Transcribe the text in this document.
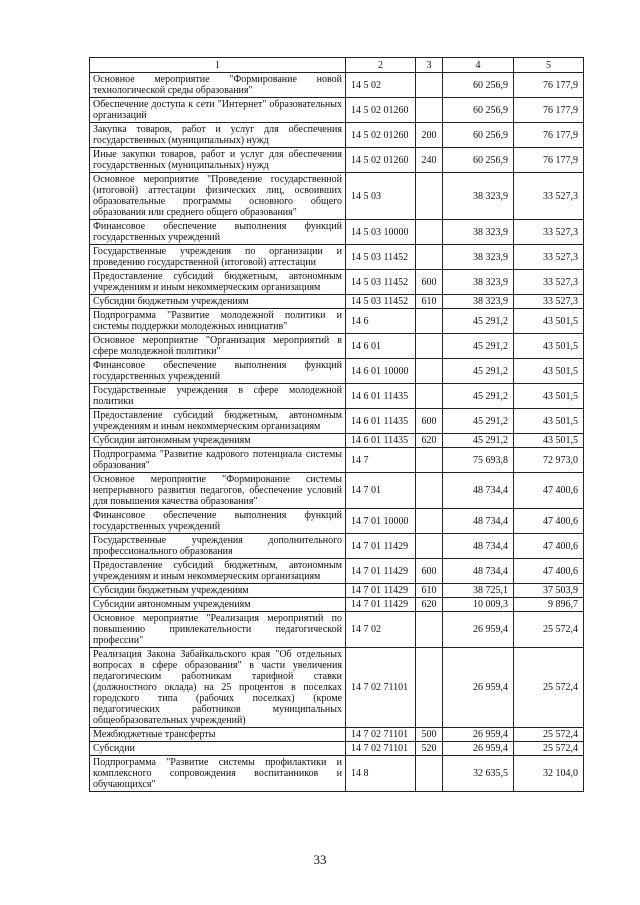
1	2	3	4	5
Основное мероприятие "Формирование новой технологической среды образования"	14 5 02		60 256,9	76 177,9
Обеспечение доступа к сети "Интернет" образовательных организаций	14 5 02 01260		60 256,9	76 177,9
Закупка товаров, работ и услуг для обеспечения государственных (муниципальных) нужд	14 5 02 01260	200	60 256,9	76 177,9
Иные закупки товаров, работ и услуг для обеспечения государственных (муниципальных) нужд	14 5 02 01260	240	60 256,9	76 177,9
Основное мероприятие "Проведение государственной (итоговой) аттестации физических лиц, освоивших образовательные программы основного общего образования или среднего общего образования"	14 5 03		38 323,9	33 527,3
Финансовое обеспечение выполнения функций государственных учреждений	14 5 03 10000		38 323,9	33 527,3
Государственные учреждения по организации и проведению государственной (итоговой) аттестации	14 5 03 11452		38 323,9	33 527,3
Предоставление субсидий бюджетным, автономным учреждениям и иным некоммерческим организациям	14 5 03 11452	600	38 323,9	33 527,3
Субсидии бюджетным учреждениям	14 5 03 11452	610	38 323,9	33 527,3
Подпрограмма "Развитие молодежной политики и системы поддержки молодежных инициатив"	14 6		45 291,2	43 501,5
Основное мероприятие "Организация мероприятий в сфере молодежной политики"	14 6 01		45 291,2	43 501,5
Финансовое обеспечение выполнения функций государственных учреждений	14 6 01 10000		45 291,2	43 501,5
Государственные учреждения в сфере молодежной политики	14 6 01 11435		45 291,2	43 501,5
Предоставление субсидий бюджетным, автономным учреждениям и иным некоммерческим организациям	14 6 01 11435	600	45 291,2	43 501,5
Субсидии автономным учреждениям	14 6 01 11435	620	45 291,2	43 501,5
Подпрограмма "Развитие кадрового потенциала системы образования"	14 7		75 693,8	72 973,0
Основное мероприятие "Формирование системы непрерывного развития педагогов, обеспечение условий для повышения качества образования"	14 7 01		48 734,4	47 400,6
Финансовое обеспечение выполнения функций государственных учреждений	14 7 01 10000		48 734,4	47 400,6
Государственные учреждения дополнительного профессионального образования	14 7 01 11429		48 734,4	47 400,6
Предоставление субсидий бюджетным, автономным учреждениям и иным некоммерческим организациям	14 7 01 11429	600	48 734,4	47 400,6
Субсидии бюджетным учреждениям	14 7 01 11429	610	38 725,1	37 503,9
Субсидии автономным учреждениям	14 7 01 11429	620	10 009,3	9 896,7
Основное мероприятие "Реализация мероприятий по повышению привлекательности педагогической профессии"	14 7 02		26 959,4	25 572,4
Реализация Закона Забайкальского края "Об отдельных вопросах в сфере образования" в части увеличения педагогическим работникам тарифной ставки (должностного оклада) на 25 процентов в поселках городского типа (рабочих поселках) (кроме педагогических работников муниципальных общеобразовательных учреждений)	14 7 02 71101		26 959,4	25 572,4
Межбюджетные трансферты	14 7 02 71101	500	26 959,4	25 572,4
Субсидии	14 7 02 71101	520	26 959,4	25 572,4
Подпрограмма "Развитие системы профилактики и комплексного сопровождения воспитанников и обучающихся"	14 8		32 635,5	32 104,0
33
